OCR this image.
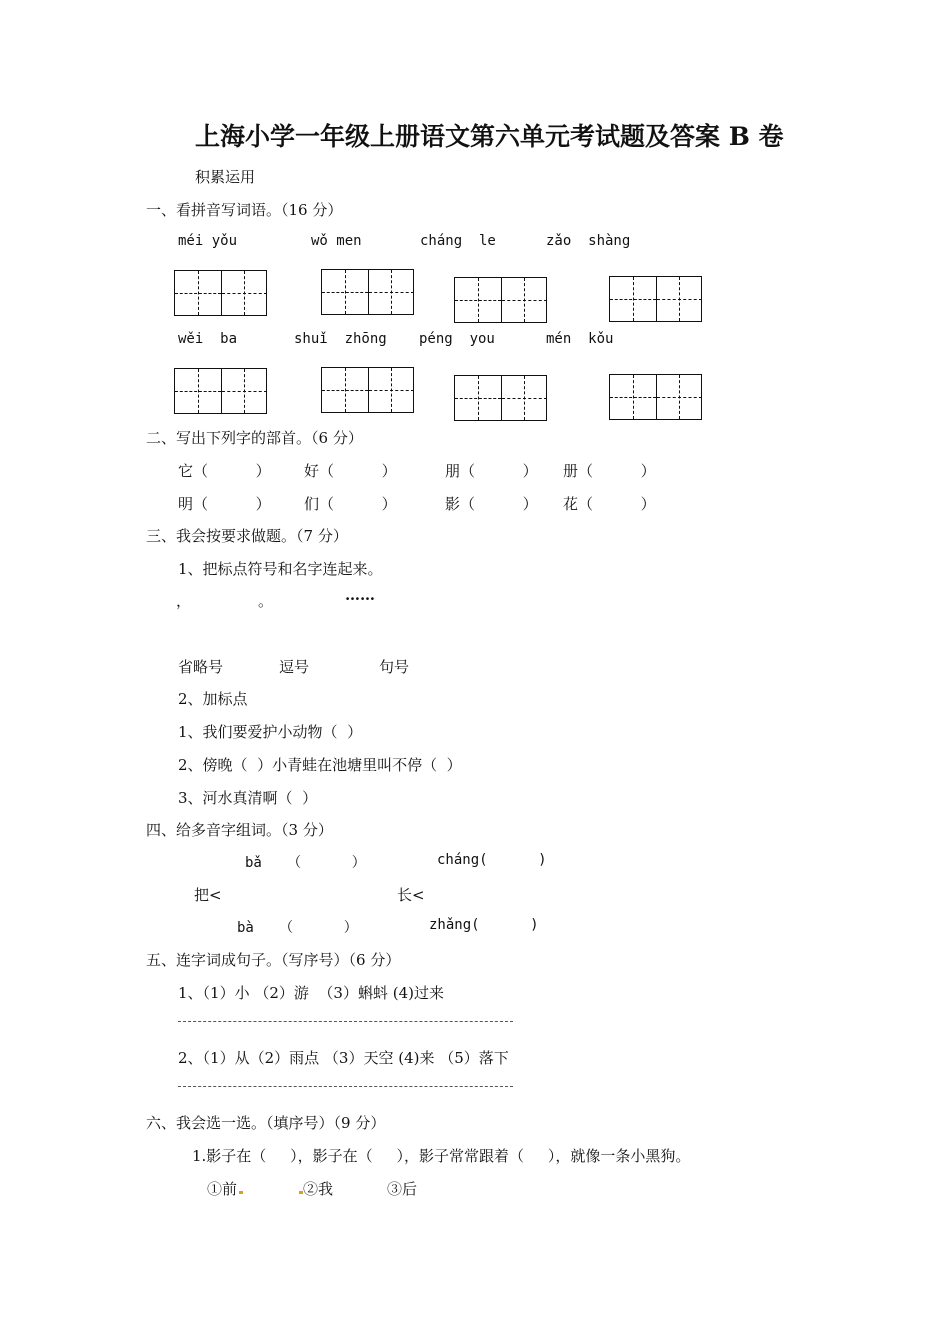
上海小学一年级上册语文第六单元考试题及答案 B 卷
积累运用
一、看拼音写词语。（16 分）
méi yǒu	wǒ men	cháng  le	zǎo  shàng
wěi  ba	shuǐ  zhōng péng  you	mén  kǒu
二、写出下列字的部首。（6 分）
它（          ） 好（          ）	朋（          ） 册（          ）
明（          ） 们（          ）	影（          ） 花（          ）
三、我会按要求做题。（7 分）
1、把标点符号和名字连起来。
，	。	……
省略号	逗号	句号
2、加标点
1、我们要爱护小动物（  ）
2、傍晚（  ）小青蛙在池塘里叫不停（  ）
3、河水真清啊（  ）
四、给多音字组词。（3 分）
bǎ   （      ）	cháng(      )
把<	长<
bà   （      ）	zhǎng(      )
五、连字词成句子。（写序号）（6 分）
1、（1）小 （2）游  （3）蝌蚪 (4)过来
2、（1）从（2）雨点 （3）天空 (4)来 （5）落下
六、我会选一选。（填序号）（9 分）
1.影子在（     ），影子在（     ），影子常常跟着（     ），就像一条小黑狗。
①前	②我	③后
